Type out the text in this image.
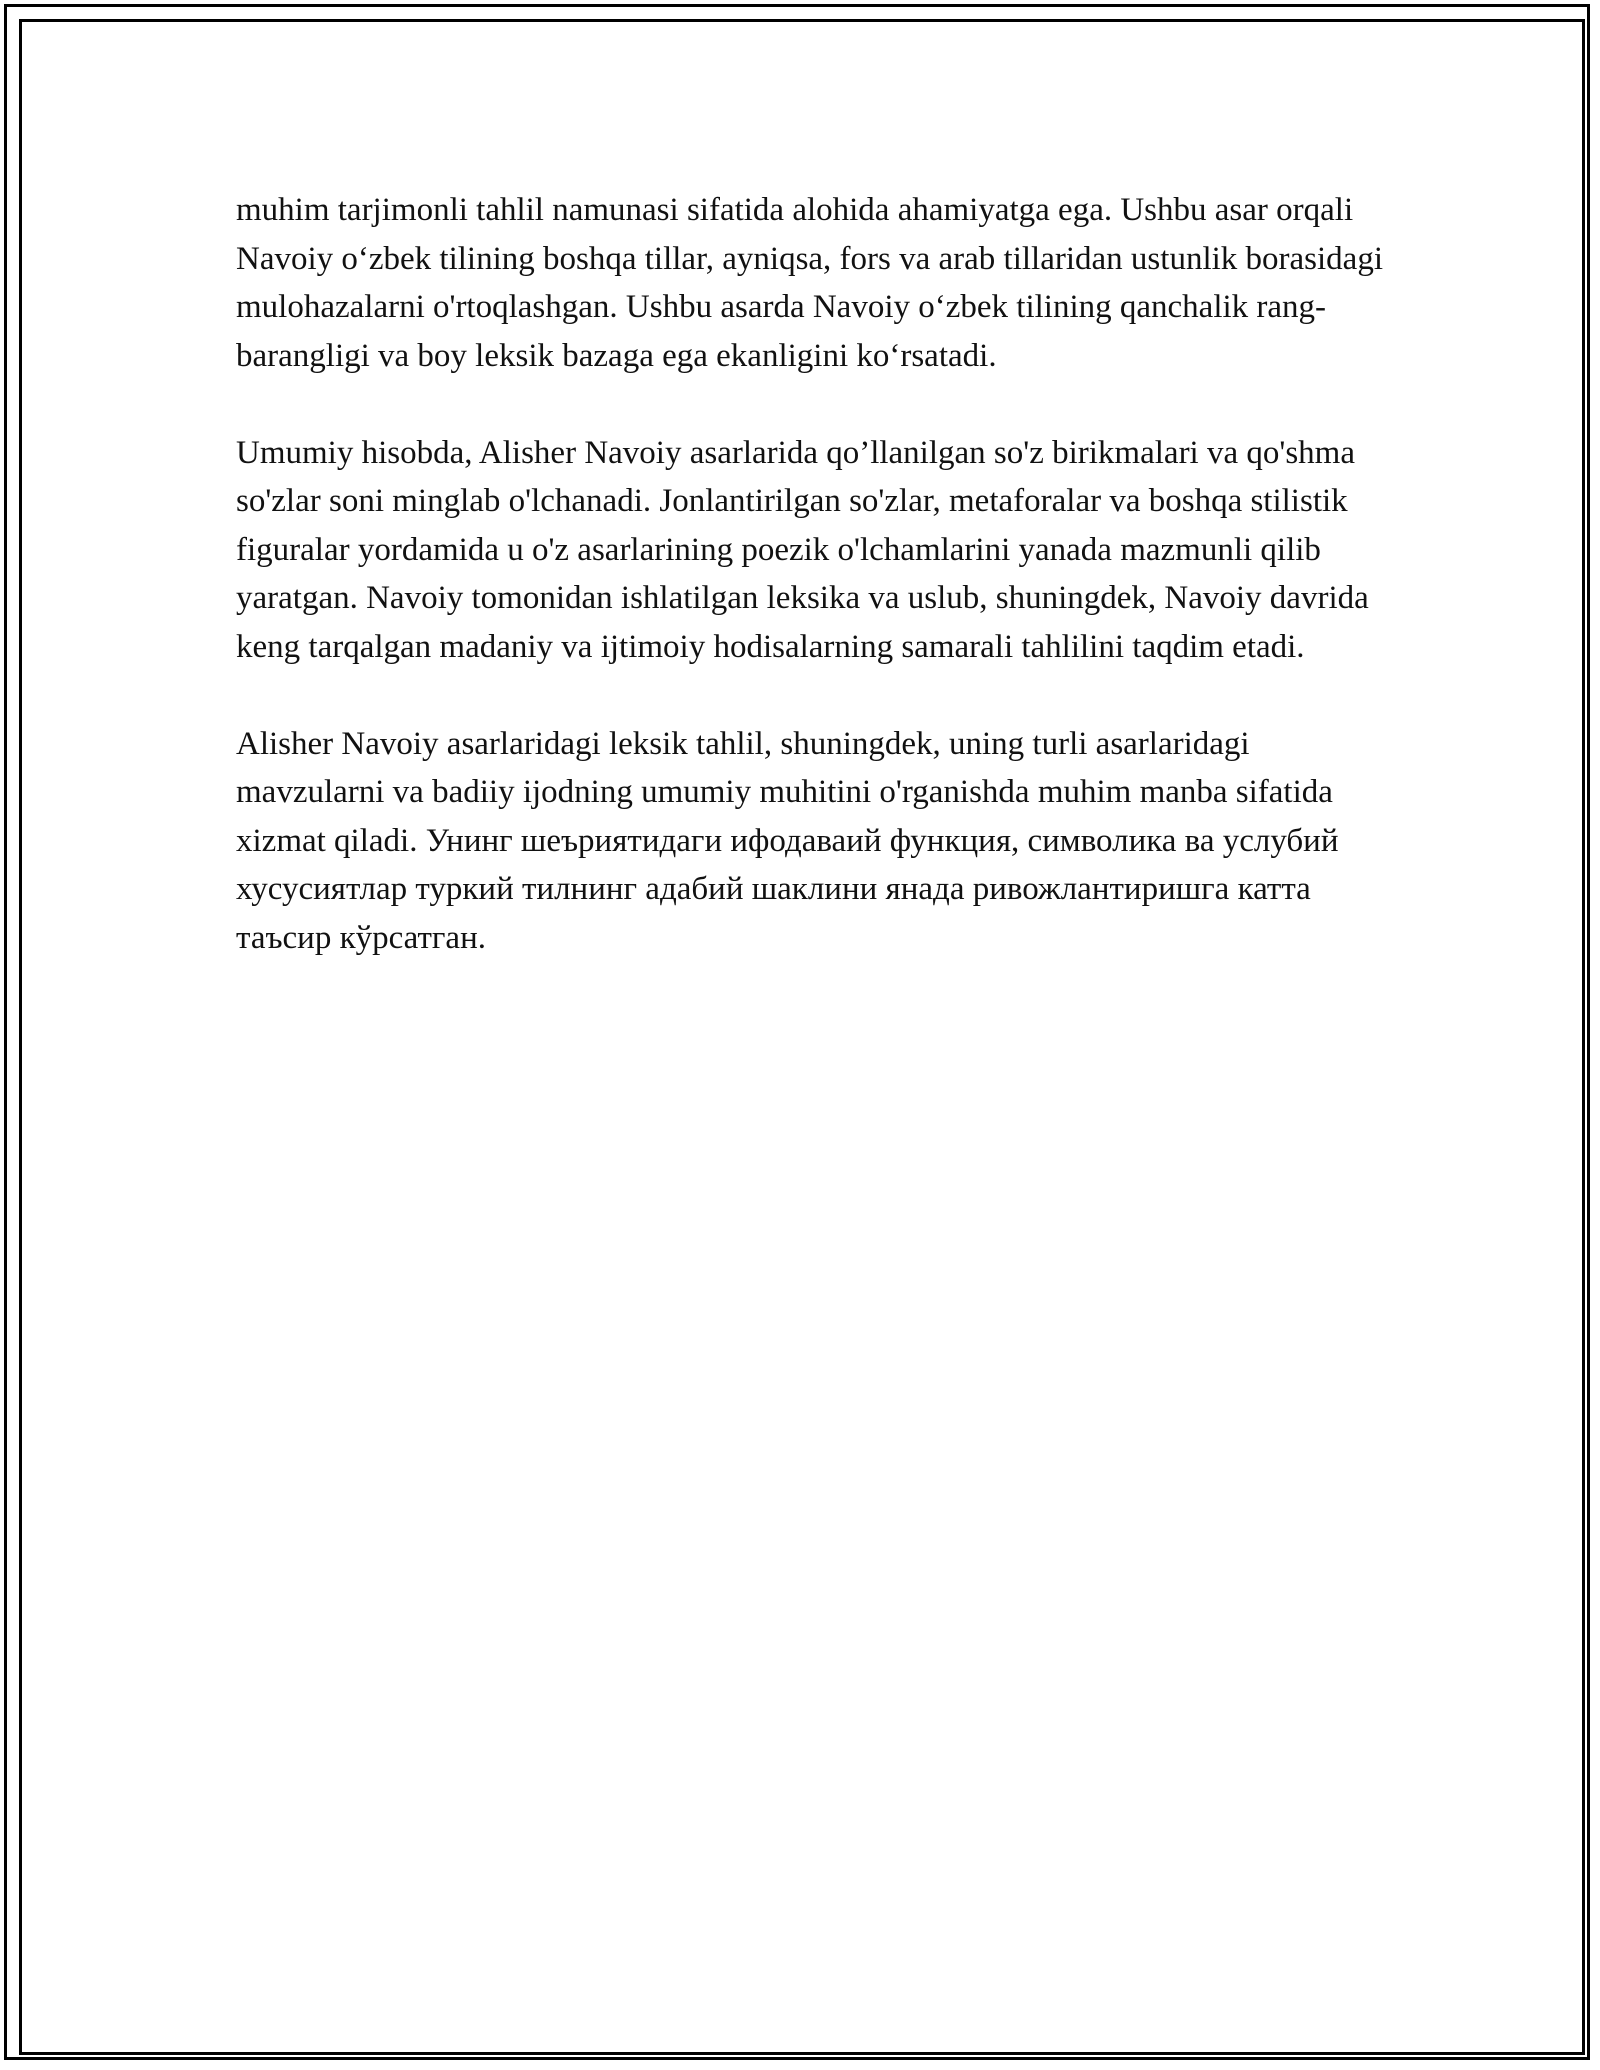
muhim tarjimonli tahlil namunasi sifatida alohida ahamiyatga ega. Ushbu asar orqali Navoiy oʻzbek tilining boshqa tillar, ayniqsa, fors va arab tillaridan ustunlik borasidagi mulohazalarni o'rtoqlashgan. Ushbu asarda Navoiy oʻzbek tilining qanchalik rang-barangligi va boy leksik bazaga ega ekanligini koʻrsatadi.

Umumiy hisobda, Alisher Navoiy asarlarida qo’llanilgan so'z birikmalari va qo'shma so'zlar soni minglab o'lchanadi. Jonlantirilgan so'zlar, metaforalar va boshqa stilistik figuralar yordamida u o'z asarlarining poezik o'lchamlarini yanada mazmunli qilib yaratgan. Navoiy tomonidan ishlatilgan leksika va uslub, shuningdek, Navoiy davrida keng tarqalgan madaniy va ijtimoiy hodisalarning samarali tahlilini taqdim etadi.

Alisher Navoiy asarlaridagi leksik tahlil, shuningdek, uning turli asarlaridagi mavzularni va badiiy ijodning umumiy muhitini o'rganishda muhim manba sifatida xizmat qiladi. Унинг шеъриятидаги ифодаваий функция, символика ва услубий хусусиятлар туркий тилнинг адабий шаклини янада ривожлантиришга катта таъсир кўрсатган.
